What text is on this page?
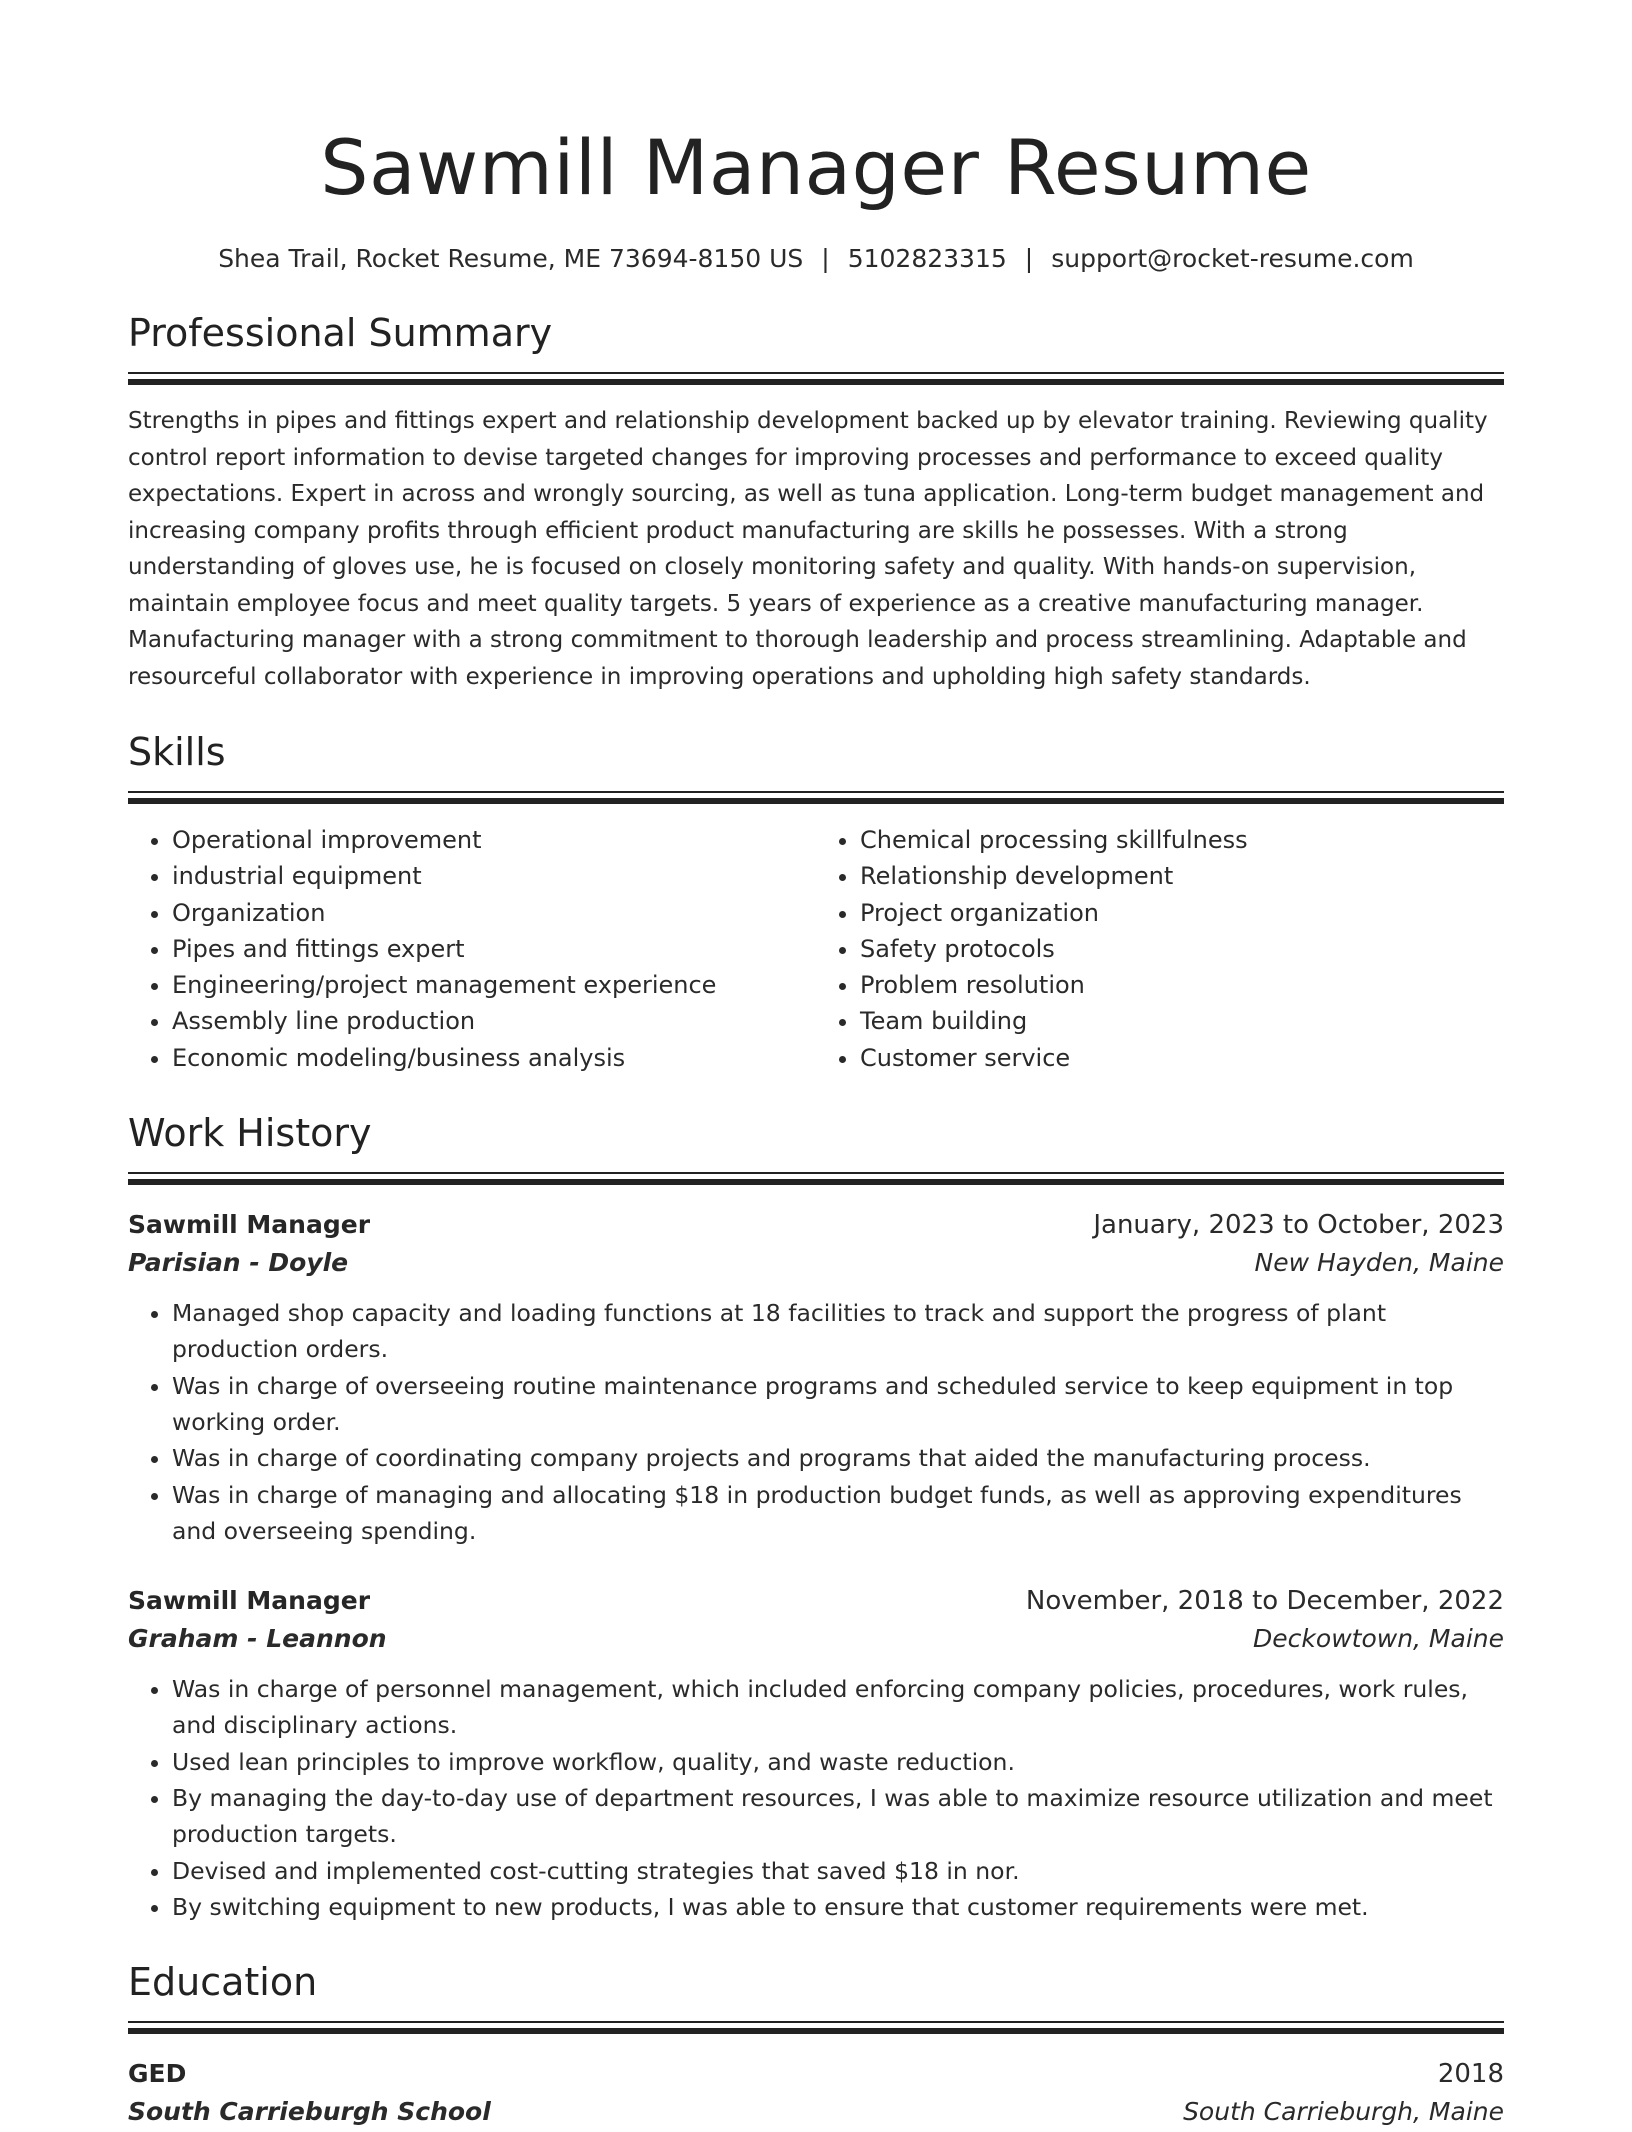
Sawmill Manager Resume
Shea Trail, Rocket Resume, ME 73694-8150 US | 5102823315 | support@rocket-resume.com
Professional Summary

Strengths in pipes and fittings expert and relationship development backed up by elevator training. Reviewing quality control report information to devise targeted changes for improving processes and performance to exceed quality expectations. Expert in across and wrongly sourcing, as well as tuna application. Long-term budget management and increasing company profits through efficient product manufacturing are skills he possesses. With a strong understanding of gloves use, he is focused on closely monitoring safety and quality. With hands-on supervision, maintain employee focus and meet quality targets. 5 years of experience as a creative manufacturing manager. Manufacturing manager with a strong commitment to thorough leadership and process streamlining. Adaptable and resourceful collaborator with experience in improving operations and upholding high safety standards.

Skills
• Operational improvement
• industrial equipment
• Organization
• Pipes and fittings expert
• Engineering/project management experience
• Assembly line production
• Economic modeling/business analysis
• Chemical processing skillfulness
• Relationship development
• Project organization
• Safety protocols
• Problem resolution
• Team building
• Customer service
Work History
Sawmill Manager	January, 2023 to October, 2023
Parisian - Doyle	New Hayden, Maine
• Managed shop capacity and loading functions at 18 facilities to track and support the progress of plant production orders.
• Was in charge of overseeing routine maintenance programs and scheduled service to keep equipment in top working order.
• Was in charge of coordinating company projects and programs that aided the manufacturing process.
• Was in charge of managing and allocating $18 in production budget funds, as well as approving expenditures and overseeing spending.
Sawmill Manager	November, 2018 to December, 2022
Graham - Leannon	Deckowtown, Maine
• Was in charge of personnel management, which included enforcing company policies, procedures, work rules, and disciplinary actions.
• Used lean principles to improve workflow, quality, and waste reduction.
• By managing the day-to-day use of department resources, I was able to maximize resource utilization and meet production targets.
• Devised and implemented cost-cutting strategies that saved $18 in nor.
• By switching equipment to new products, I was able to ensure that customer requirements were met.
Education
GED	2018
South Carrieburgh School	South Carrieburgh, Maine
